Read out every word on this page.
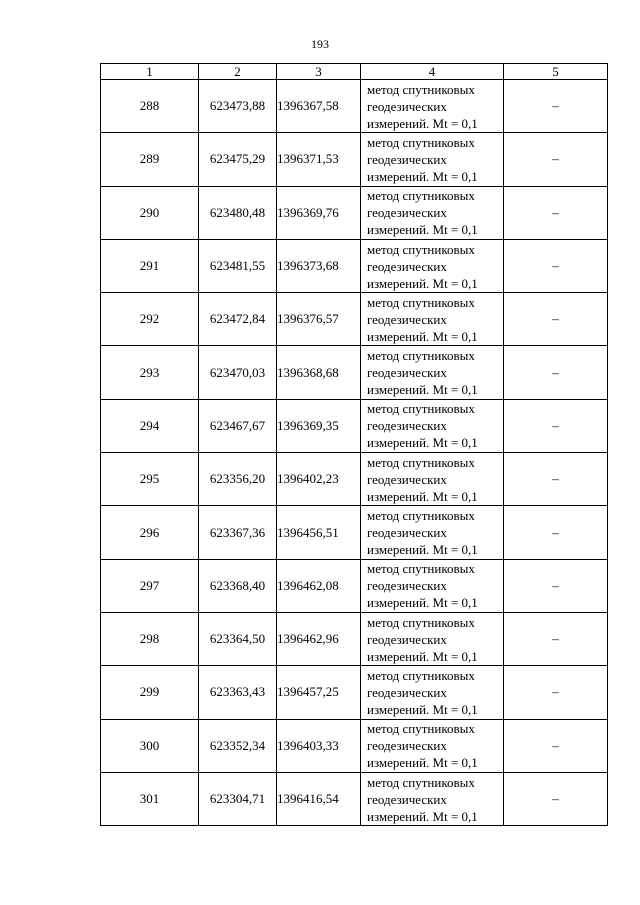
193
1	2	3	4	5
288	623473,88	1396367,58	метод спутниковых
геодезических
измерений. Mt = 0,1	–
289	623475,29	1396371,53	метод спутниковых
геодезических
измерений. Mt = 0,1	–
290	623480,48	1396369,76	метод спутниковых
геодезических
измерений. Mt = 0,1	–
291	623481,55	1396373,68	метод спутниковых
геодезических
измерений. Mt = 0,1	–
292	623472,84	1396376,57	метод спутниковых
геодезических
измерений. Mt = 0,1	–
293	623470,03	1396368,68	метод спутниковых
геодезических
измерений. Mt = 0,1	–
294	623467,67	1396369,35	метод спутниковых
геодезических
измерений. Mt = 0,1	–
295	623356,20	1396402,23	метод спутниковых
геодезических
измерений. Mt = 0,1	–
296	623367,36	1396456,51	метод спутниковых
геодезических
измерений. Mt = 0,1	–
297	623368,40	1396462,08	метод спутниковых
геодезических
измерений. Mt = 0,1	–
298	623364,50	1396462,96	метод спутниковых
геодезических
измерений. Mt = 0,1	–
299	623363,43	1396457,25	метод спутниковых
геодезических
измерений. Mt = 0,1	–
300	623352,34	1396403,33	метод спутниковых
геодезических
измерений. Mt = 0,1	–
301	623304,71	1396416,54	метод спутниковых
геодезических
измерений. Mt = 0,1	–
